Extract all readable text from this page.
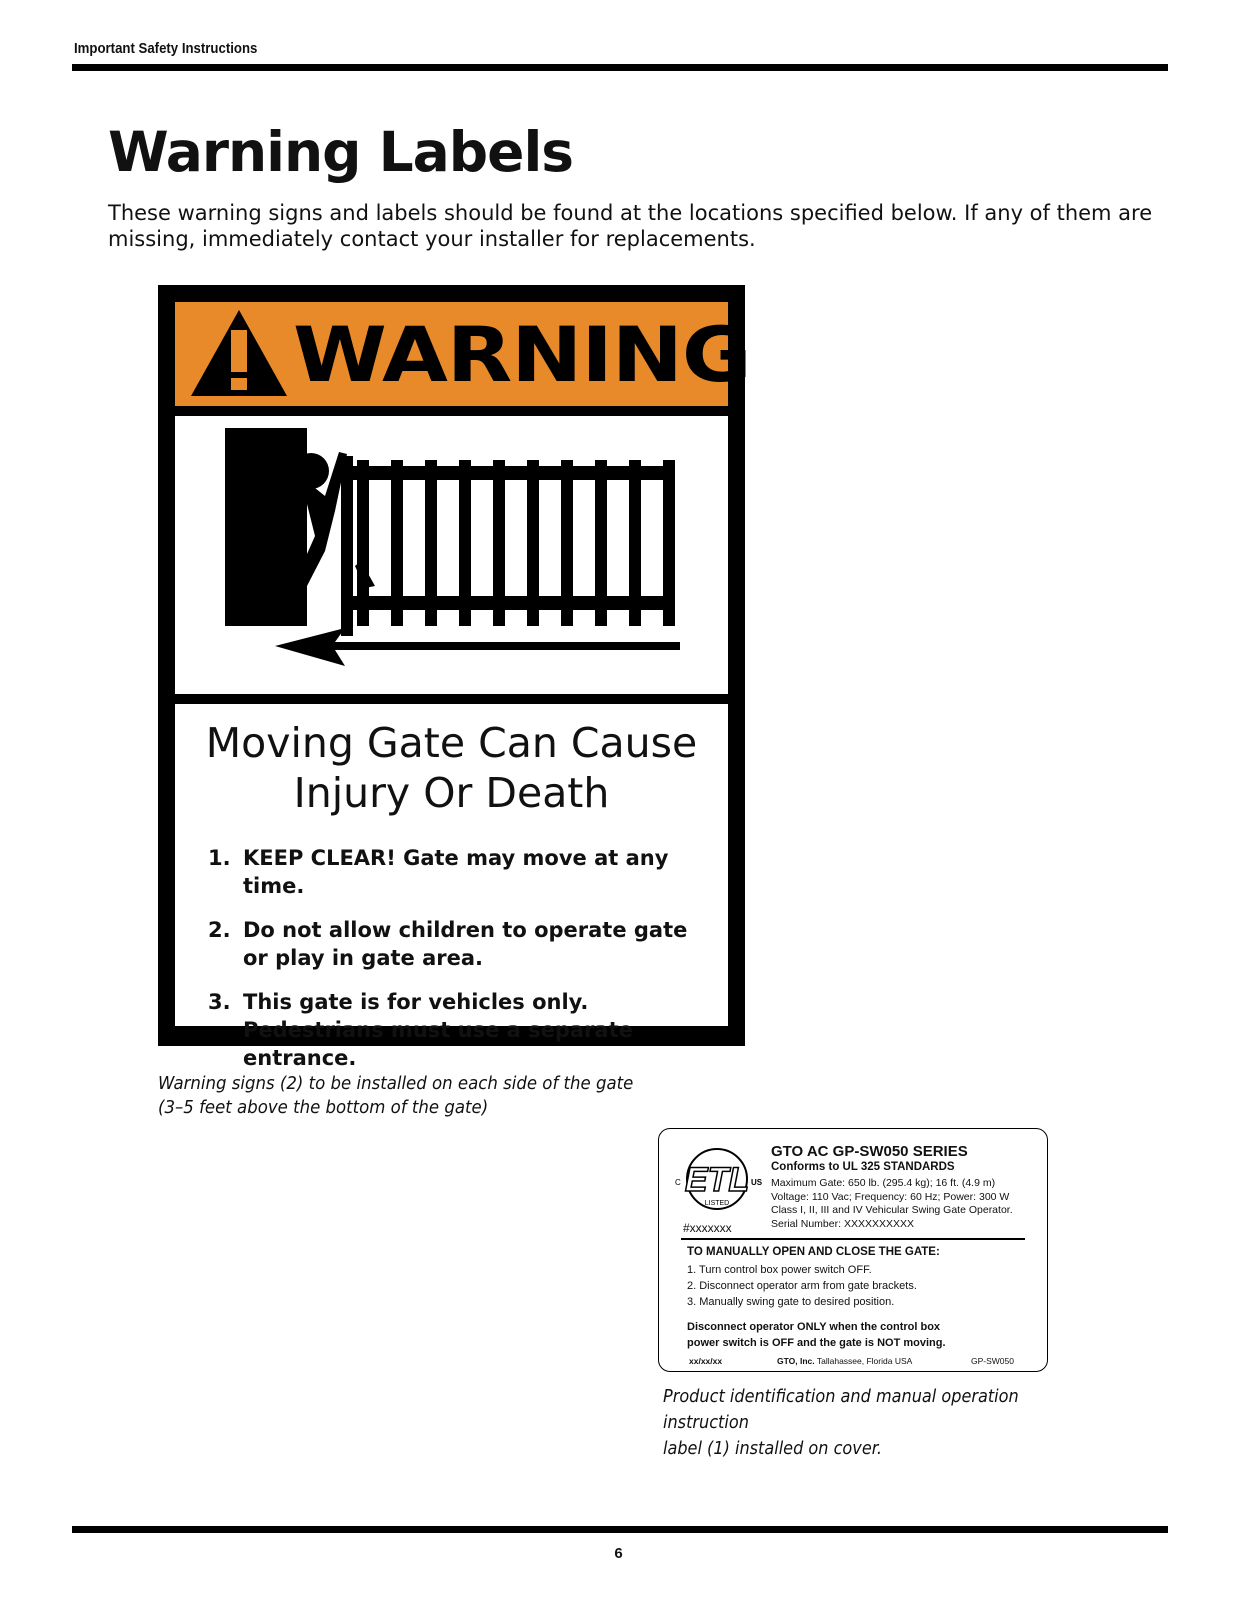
Important Safety Instructions
Warning Labels
These warning signs and labels should be found at the locations specified below. If any of them are missing, immediately contact your installer for replacements.
WARNING
Moving Gate Can Cause
Injury Or Death
1. KEEP CLEAR! Gate may move at any time.
2. Do not allow children to operate gate or play in gate area.
3. This gate is for vehicles only. Pedestrians must use a separate entrance.
Warning signs (2) to be installed on each side of the gate
(3–5 feet above the bottom of the gate)
ETL
C	US
LISTED
#xxxxxxx
GTO AC GP-SW050 SERIES
Conforms to UL 325 STANDARDS
Maximum Gate: 650 lb. (295.4 kg); 16 ft. (4.9 m)
Voltage: 110 Vac; Frequency: 60 Hz; Power: 300 W
Class I, II, III and IV Vehicular Swing Gate Operator.
Serial Number: XXXXXXXXXX
TO MANUALLY OPEN AND CLOSE THE GATE:
1. Turn control box power switch OFF.
2. Disconnect operator arm from gate brackets.
3. Manually swing gate to desired position.
Disconnect operator ONLY when the control box
power switch is OFF and the gate is NOT moving.
xx/xx/xx	GTO, Inc. Tallahassee, Florida USA	GP-SW050
Product identification and manual operation instruction
label (1) installed on cover.
6
